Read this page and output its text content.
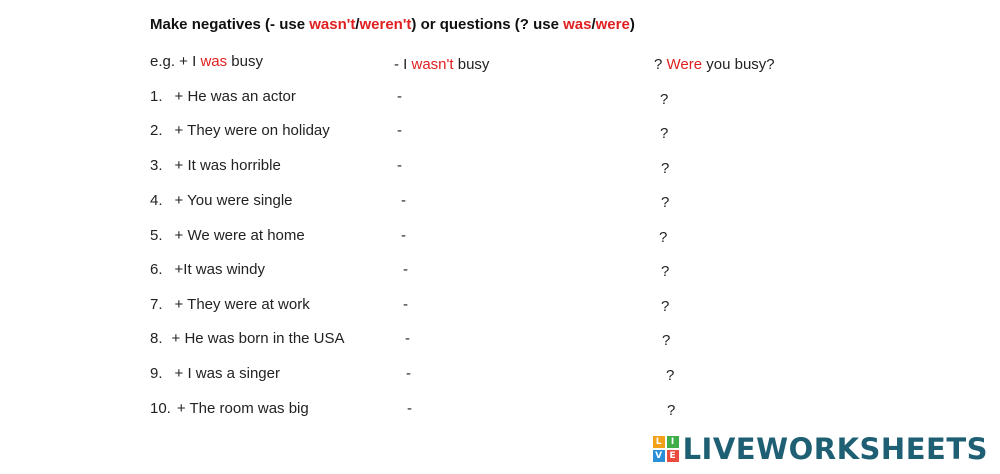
Make negatives (- use wasn't/weren't) or questions (? use was/were)
e.g. + I was busy	- I wasn't busy	? Were you busy?
1. + He was an actor	-	?
2. + They were on holiday	-	?
3. + It was horrible	-	?
4. + You were single	-	?
5. + We were at home	-	?
6. +It was windy	-	?
7. + They were at work	-	?
8. + He was born in the USA	-	?
9. + I was a singer	-	?
10. + The room was big	-	?
L	I
V E LIVEWORKSHEETS
